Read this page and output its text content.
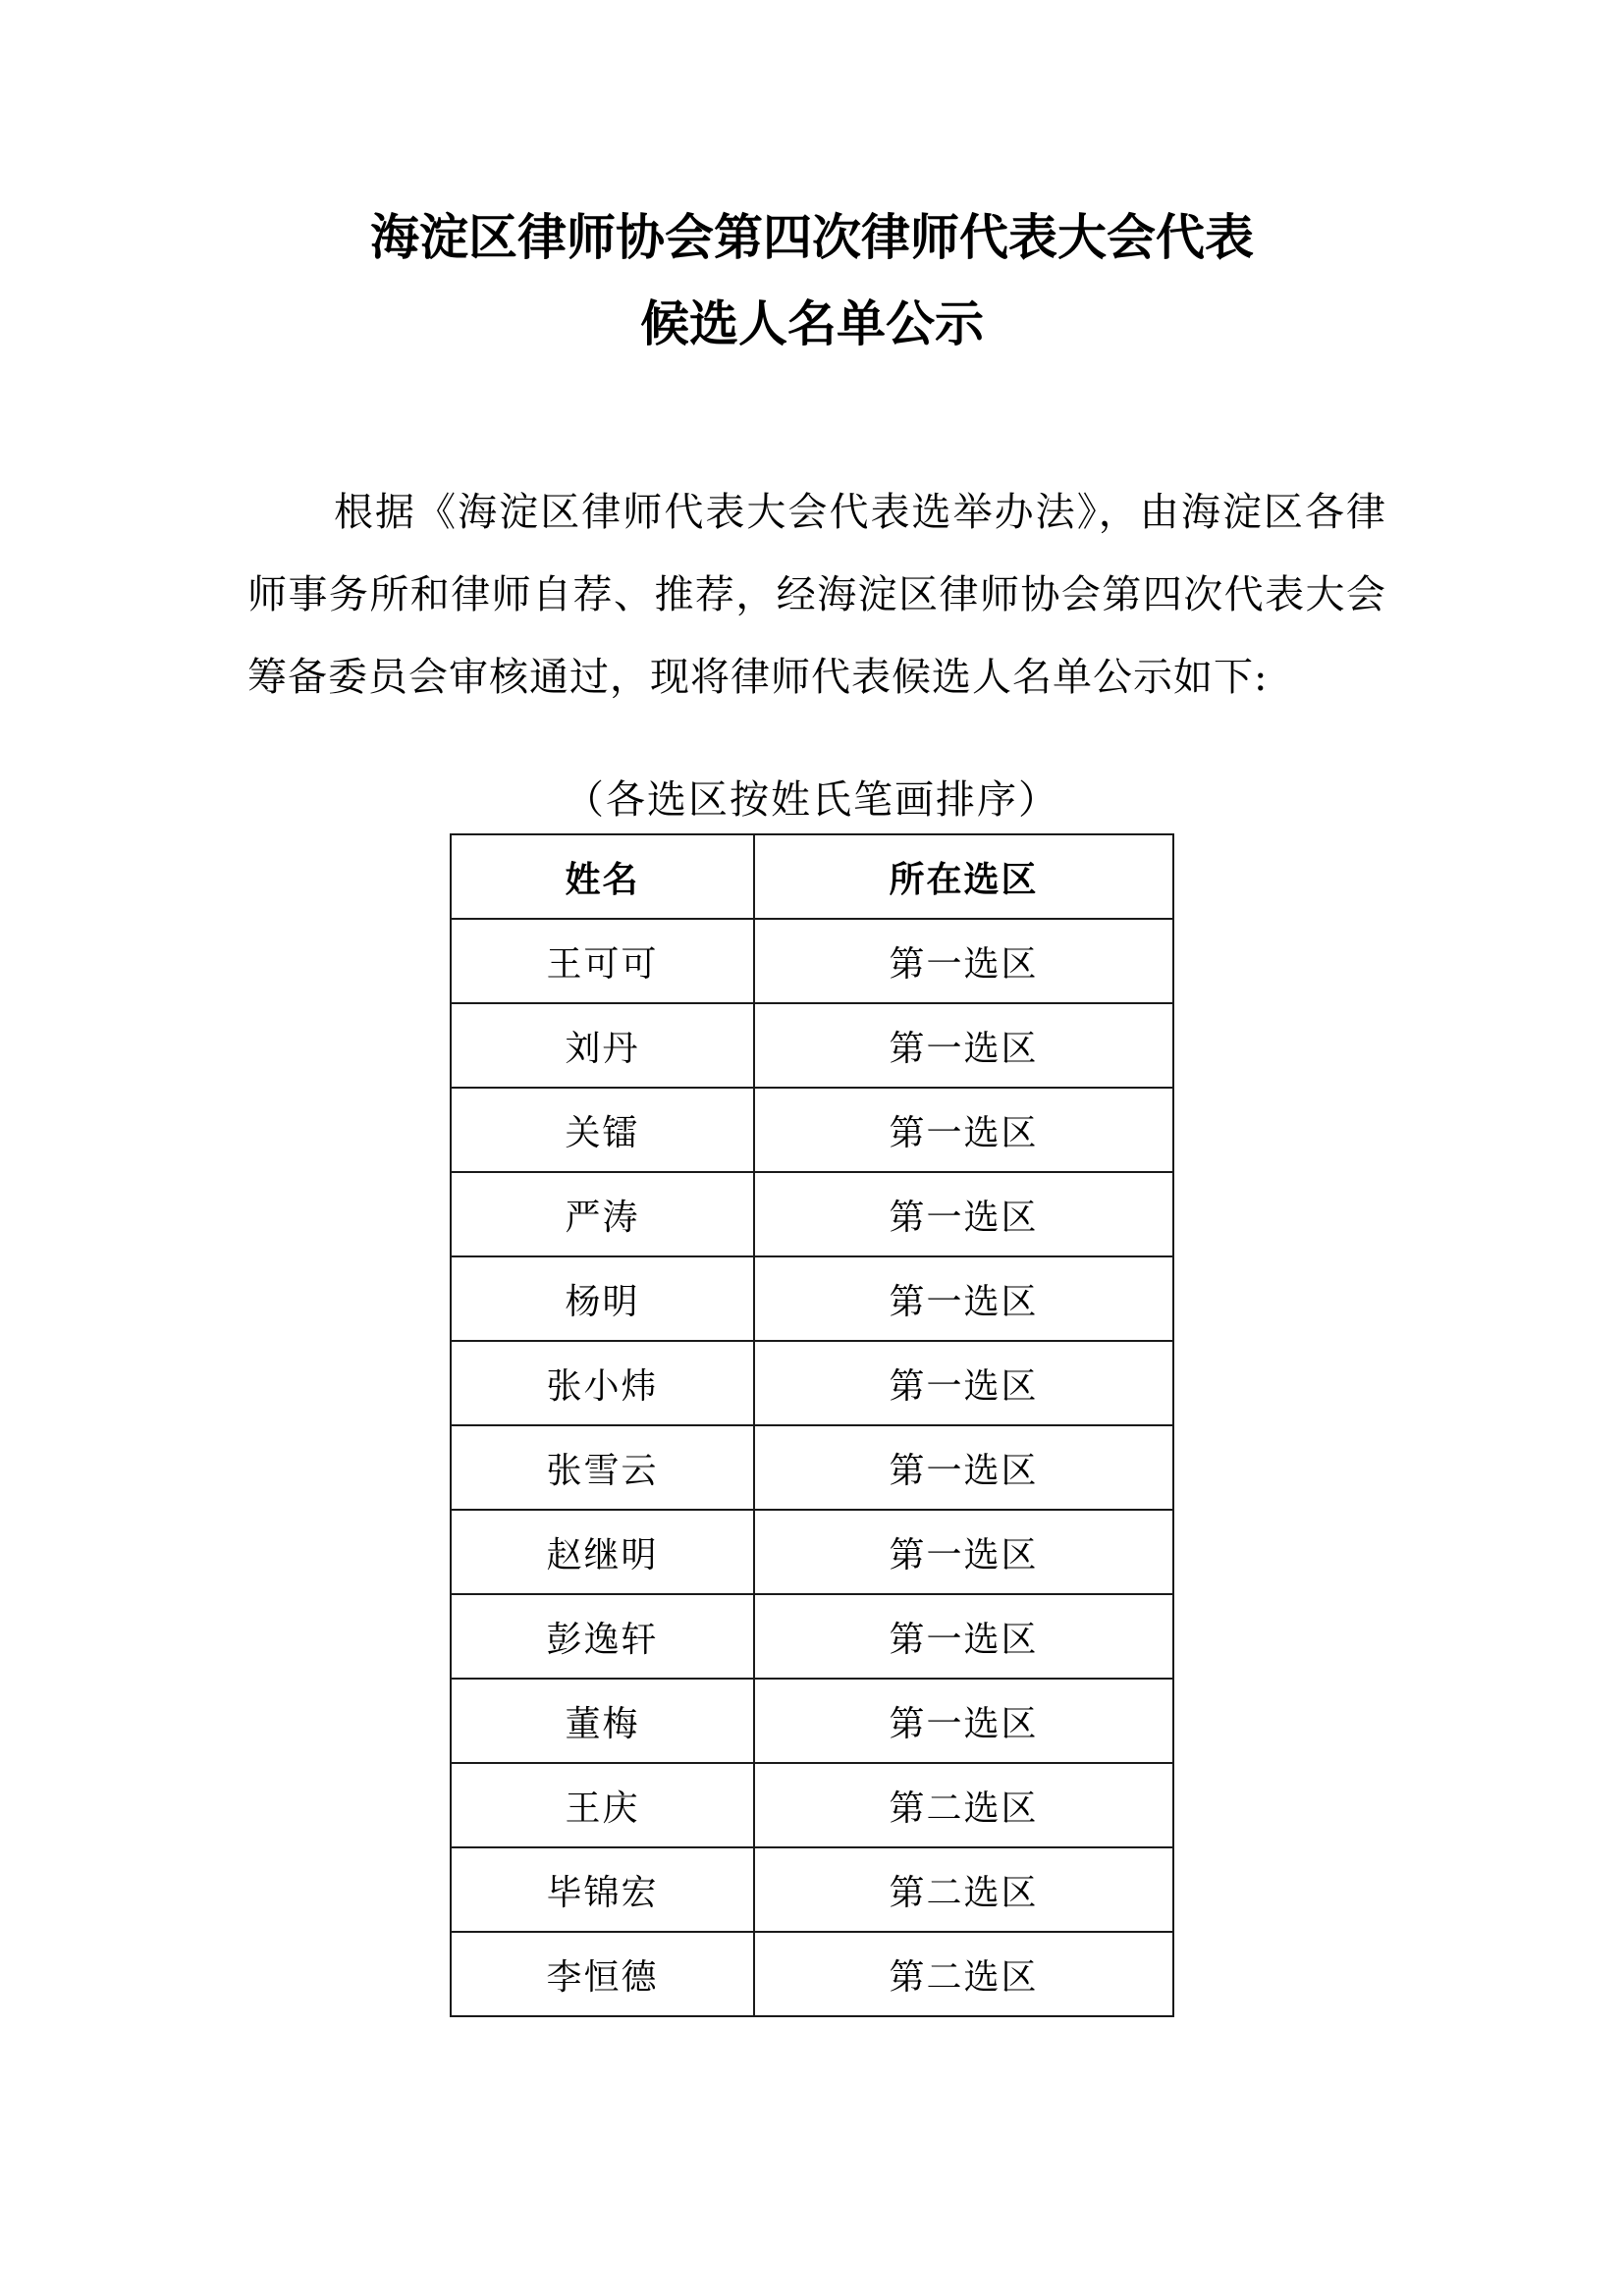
海淀区律师协会第四次律师代表大会代表
候选人名单公示
根据《海淀区律师代表大会代表选举办法》，由海淀区各律师事务所和律师自荐、推荐，经海淀区律师协会第四次代表大会筹备委员会审核通过，现将律师代表候选人名单公示如下:
（各选区按姓氏笔画排序）
姓名	所在选区
王可可	第一选区
刘丹	第一选区
关镭	第一选区
严涛	第一选区
杨明	第一选区
张小炜	第一选区
张雪云	第一选区
赵继明	第一选区
彭逸轩	第一选区
董梅	第一选区
王庆	第二选区
毕锦宏	第二选区
李恒德	第二选区
